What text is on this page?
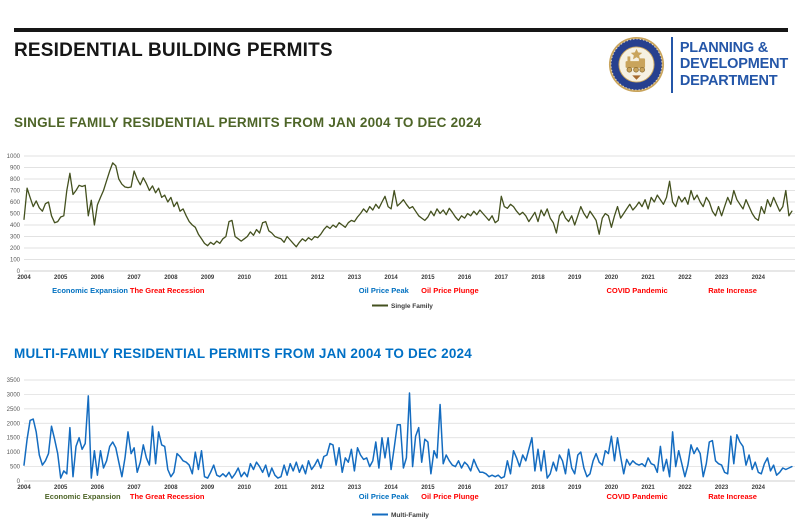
RESIDENTIAL BUILDING PERMITS	PLANNING &
DEVELOPMENT
DEPARTMENT
SINGLE FAMILY RESIDENTIAL PERMITS FROM JAN 2004 TO DEC 2024
0
100
200
300
400
500
600
700
800
900
1000
2004	2005	2006	2007	2008	2009	2010	2011	2012	2013	2014	2015	2016	2017	2018	2019	2020	2021	2022	2023	2024
Economic Expansion The Great Recession	Oil Price Peak Oil Price Plunge	COVID Pandemic	Rate Increase
Single Family
MULTI-FAMILY RESIDENTIAL PERMITS FROM JAN 2004 TO DEC 2024
0
500
1000
1500
2000
2500
3000
3500
2004	2005	2006	2007	2008	2009	2010	2011	2012	2013	2014	2015	2016	2017	2018	2019	2020	2021	2022	2023	2024
Economic Expansion The Great Recession	Oil Price Peak Oil Price Plunge	COVID Pandemic	Rate Increase
Multi-Family
